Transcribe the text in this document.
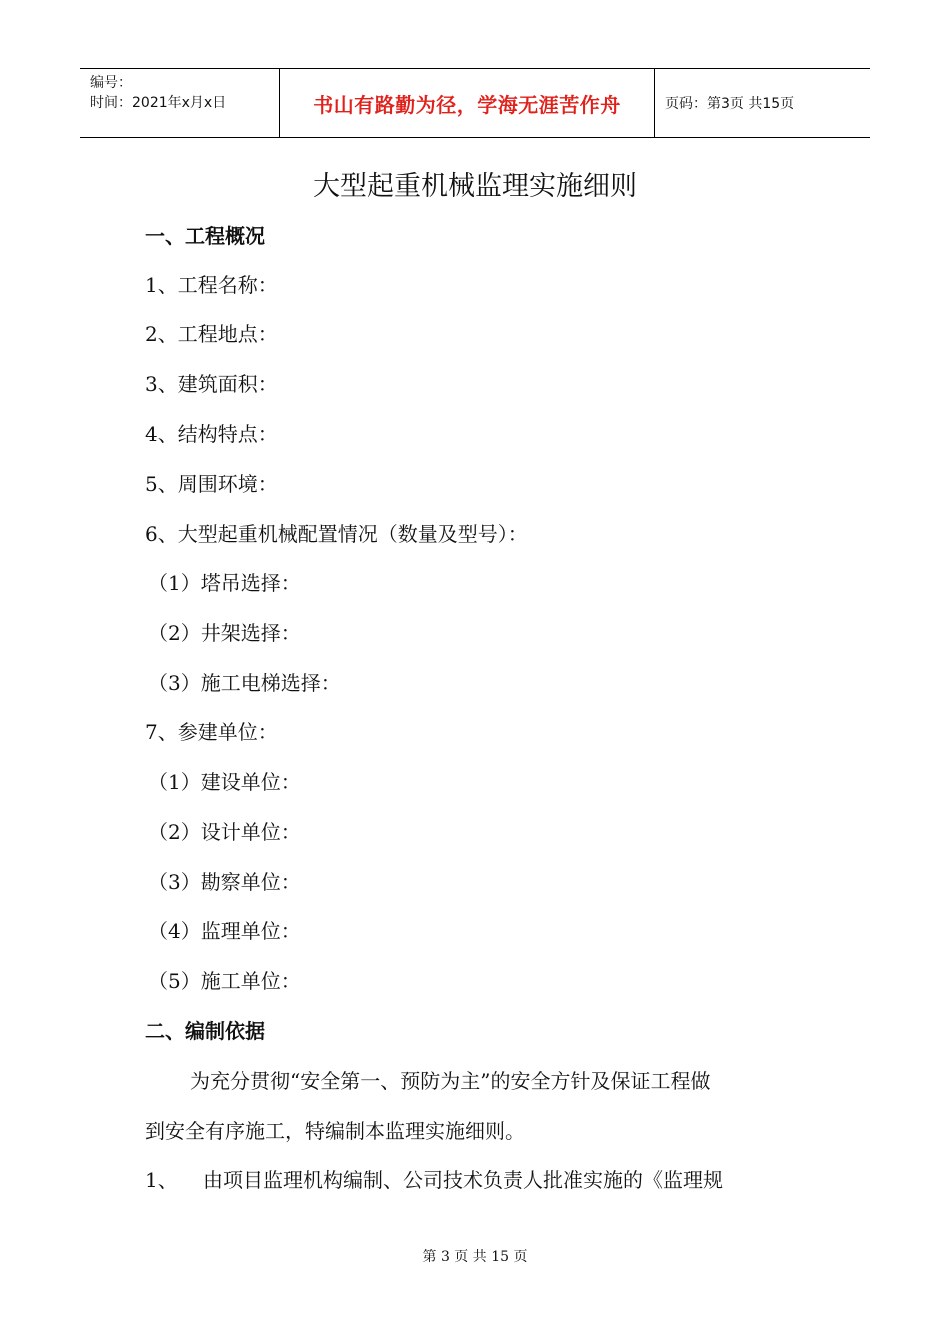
编号：
时间：2021年x月x日	书山有路勤为径，学海无涯苦作舟	页码：第3页 共15页
大型起重机械监理实施细则
一、工程概况
1、工程名称：
2、工程地点：
3、建筑面积：
4、结构特点：
5、周围环境：
6、大型起重机械配置情况（数量及型号）：
（1）塔吊选择：
（2）井架选择：
（3）施工电梯选择：
7、参建单位：
（1）建设单位：
（2）设计单位：
（3）勘察单位：
（4）监理单位：
（5）施工单位：
二、编制依据
为充分贯彻“安全第一、预防为主”的安全方针及保证工程做
到安全有序施工，特编制本监理实施细则。
1、 由项目监理机构编制、公司技术负责人批准实施的《监理规
第 3 页 共 15 页
